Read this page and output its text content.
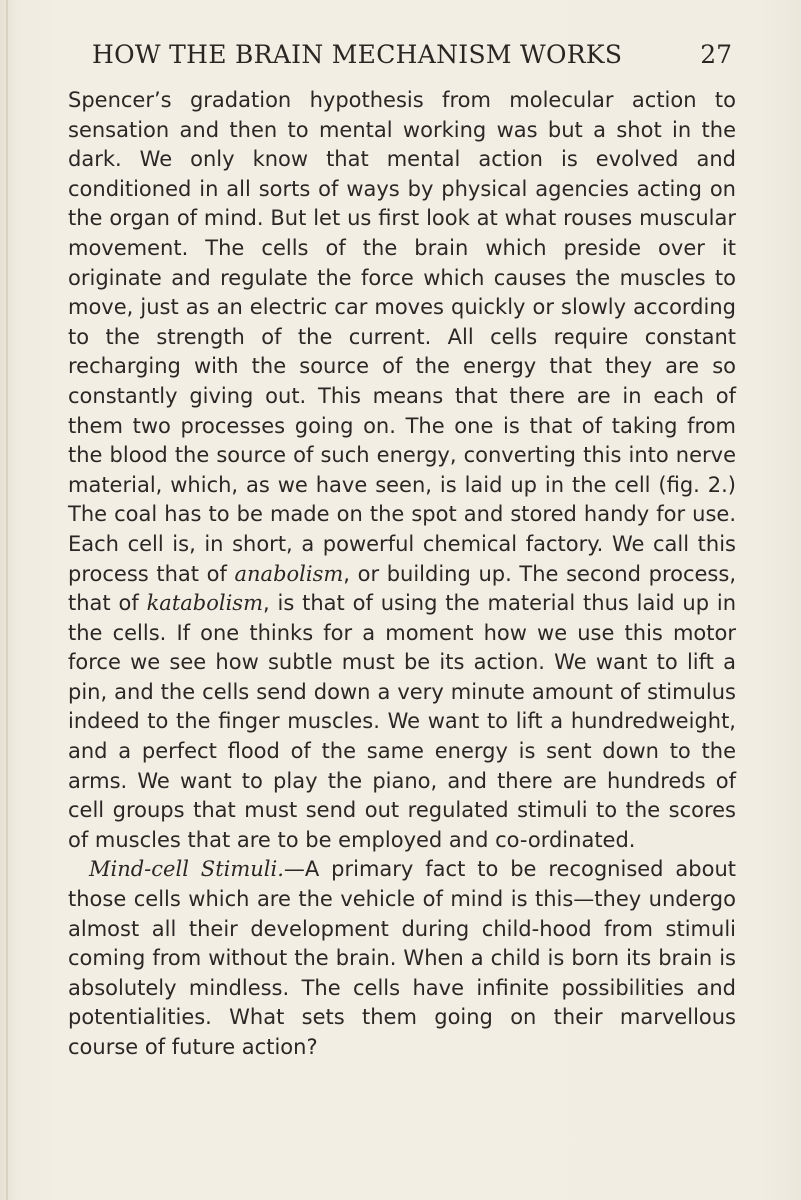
HOW THE BRAIN MECHANISM WORKS	27

Spencer’s gradation hypothesis from molecular action to sensation and then to mental working was but a shot in the dark. We only know that mental action is evolved and conditioned in all sorts of ways by physical agencies acting on the organ of mind. But let us first look at what rouses muscular movement. The cells of the brain which preside over it originate and regulate the force which causes the muscles to move, just as an electric car moves quickly or slowly according to the strength of the current. All cells require constant recharging with the source of the energy that they are so constantly giving out. This means that there are in each of them two processes going on. The one is that of taking from the blood the source of such energy, converting this into nerve material, which, as we have seen, is laid up in the cell (fig. 2.) The coal has to be made on the spot and stored handy for use. Each cell is, in short, a powerful chemical factory. We call this process that of anabolism, or building up. The second process, that of katabolism, is that of using the material thus laid up in the cells. If one thinks for a moment how we use this motor force we see how subtle must be its action. We want to lift a pin, and the cells send down a very minute amount of stimulus indeed to the finger muscles. We want to lift a hundredweight, and a perfect flood of the same energy is sent down to the arms. We want to play the piano, and there are hundreds of cell groups that must send out regulated stimuli to the scores of muscles that are to be employed and co-ordinated.

Mind-cell Stimuli.—A primary fact to be recognised about those cells which are the vehicle of mind is this—they undergo almost all their development during child-hood from stimuli coming from without the brain. When a child is born its brain is absolutely mindless. The cells have infinite possibilities and potentialities. What sets them going on their marvellous course of future action?
